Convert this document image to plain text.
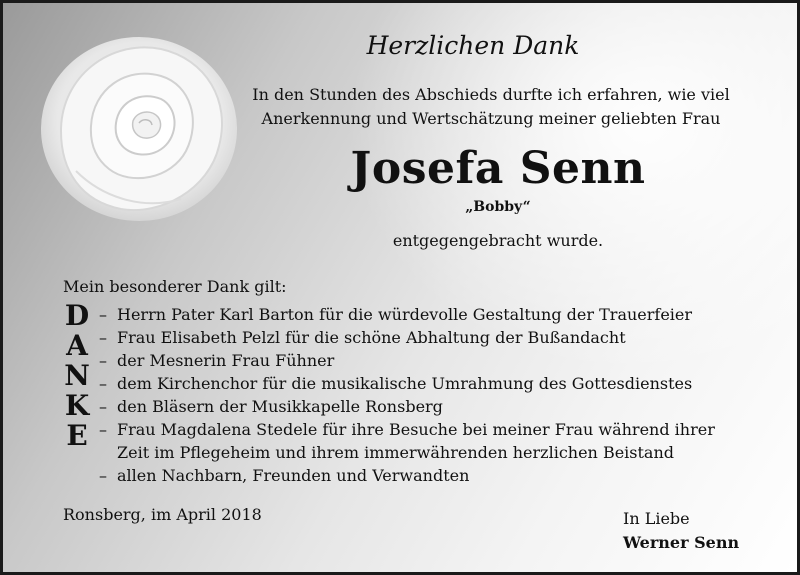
Herzlichen Dank
In den Stunden des Abschieds durfte ich erfahren, wie viel
Anerkennung und Wertschätzung meiner geliebten Frau
Josefa Senn
„Bobby“
entgegengebracht wurde.
Mein besonderer Dank gilt:
D
A
N
K
E
– Herrn Pater Karl Barton für die würdevolle Gestaltung der Trauerfeier
– Frau Elisabeth Pelzl für die schöne Abhaltung der Bußandacht
– der Mesnerin Frau Fühner
– dem Kirchenchor für die musikalische Umrahmung des Gottesdienstes
– den Bläsern der Musikkapelle Ronsberg
– Frau Magdalena Stedele für ihre Besuche bei meiner Frau während ihrer
Zeit im Pflegeheim und ihrem immerwährenden herzlichen Beistand
– allen Nachbarn, Freunden und Verwandten
Ronsberg, im April 2018	In Liebe
Werner Senn
